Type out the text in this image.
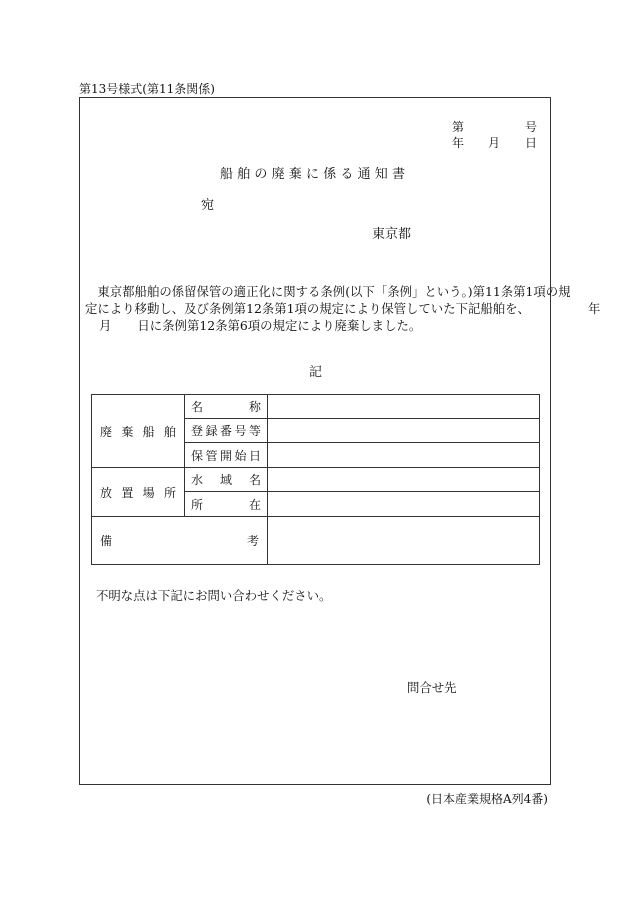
第13号様式(第11条関係)
第	号
年 月 日
船舶の廃棄に係る通知書
宛
東京都
　東京都船舶の係留保管の適正化に関する条例(以下「条例」という。)第11条第1項の規
定により移動し、及び条例第12条第1項の規定により保管していた下記船舶を、	年
月 日に条例第12条第6項の規定により廃棄しました。
記
廃 棄 船 舶	名 称	

	登 録 番 号 等	

	保 管 開 始 日	

放 置 場 所	水 域 名	

	所 在	

備 考		

不明な点は下記にお問い合わせください。
問合せ先
(日本産業規格A列4番)
